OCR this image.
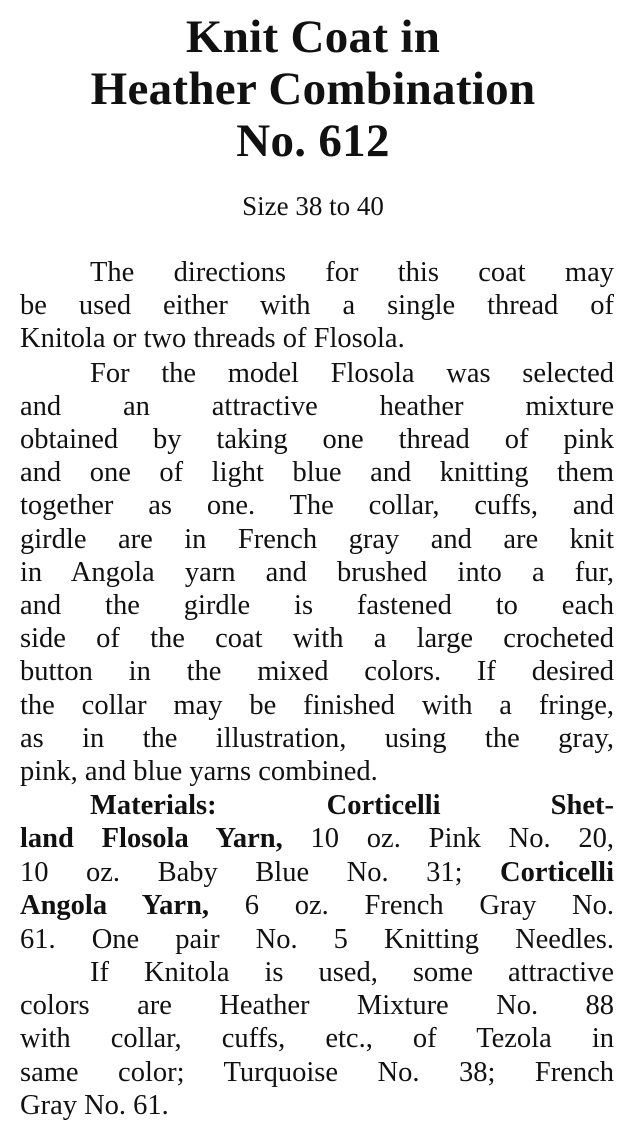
Knit Coat in
Heather Combination
No. 612
Size 38 to 40
The directions for this coat may
be used either with a single thread of
Knitola or two threads of Flosola.
For the model Flosola was selected
and an attractive heather mixture
obtained by taking one thread of pink
and one of light blue and knitting them
together as one. The collar, cuffs, and
girdle are in French gray and are knit
in Angola yarn and brushed into a fur,
and the girdle is fastened to each
side of the coat with a large crocheted
button in the mixed colors. If desired
the collar may be finished with a fringe,
as in the illustration, using the gray,
pink, and blue yarns combined.
Materials:	Corticelli	Shet-
land Flosola Yarn, 10 oz. Pink No. 20,
10 oz. Baby Blue No. 31; Corticelli
Angola Yarn, 6 oz. French Gray No.
61. One pair No. 5 Knitting Needles.
If Knitola is used, some attractive
colors are Heather Mixture No. 88
with collar, cuffs, etc., of Tezola in
same color; Turquoise No. 38; French
Gray No. 61.
